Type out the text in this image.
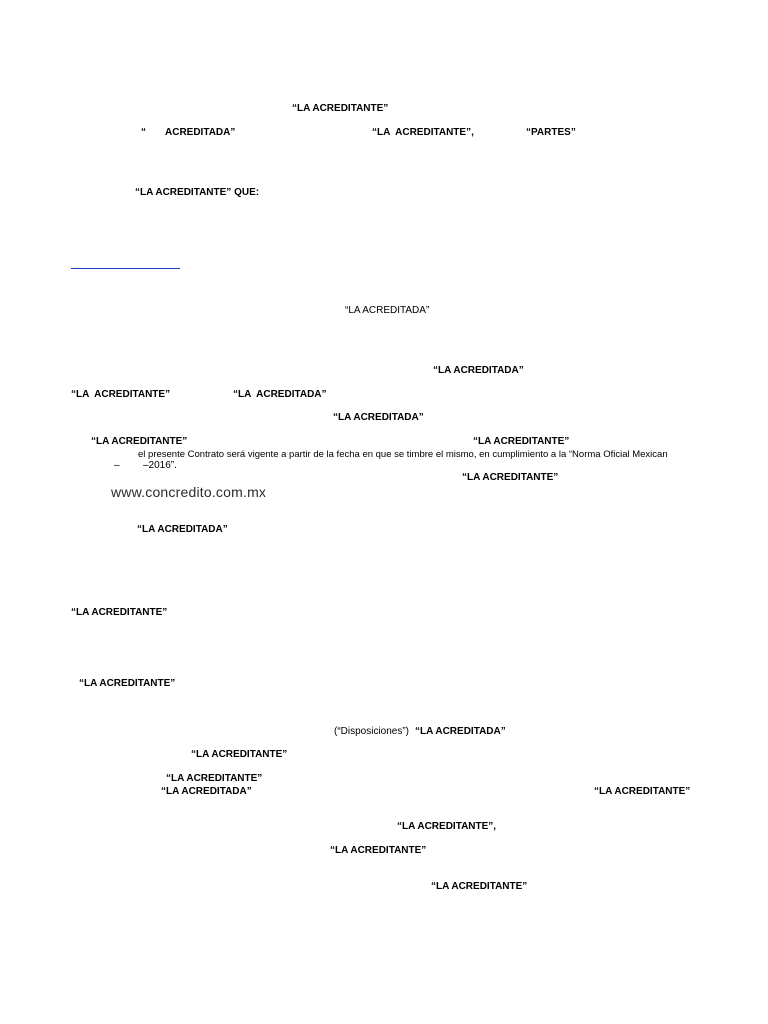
“LA ACREDITANTE”
“ ACREDITADA”	“LA  ACREDITANTE”,	“PARTES”
“LA ACREDITANTE” QUE:
“LA ACREDITADA”
“LA ACREDITADA”
“LA  ACREDITANTE”	“LA  ACREDITADA”
“LA ACREDITADA”
“LA ACREDITANTE”	“LA ACREDITANTE”
el presente Contrato será vigente a partir de la fecha en que se timbre el mismo, en cumplimiento a la “Norma Oficial Mexican
– –2016”.
“LA ACREDITANTE”
www.concredito.com.mx
“LA ACREDITADA”
“LA ACREDITANTE”
“LA ACREDITANTE”
(“Disposiciones”) “LA ACREDITADA”
“LA ACREDITANTE”
“LA ACREDITANTE”
“LA ACREDITADA”	“LA ACREDITANTE”
“LA ACREDITANTE”,
“LA ACREDITANTE”
“LA ACREDITANTE”
